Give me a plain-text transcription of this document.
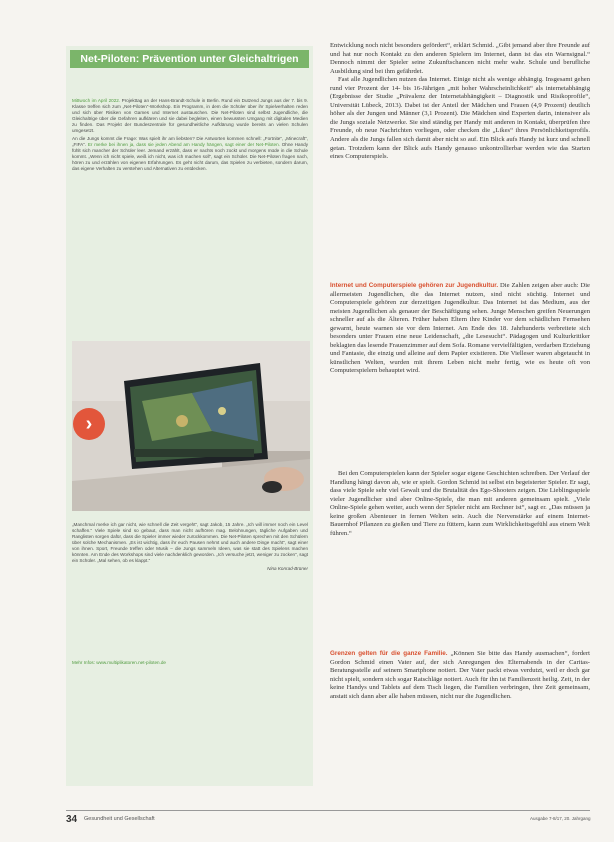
Net-Piloten: Prävention unter Gleichaltrigen

Mittwoch im April 2022. Projekttag an der Hans-Brandt-Schule in Berlin. Rund ein Dutzend Jungs aus der 7. bis 9. Klasse treffen sich zum „Net-Piloten“-Workshop. Ein Programm, in dem die Schüler über ihr Spielverhalten reden und sich über Risiken von Games und Internet austauschen. Die Net-Piloten sind selbst Jugendliche, die Gleichaltrige über die Gefahren aufklären und sie dabei begleiten, einen bewussten Umgang mit digitalen Medien zu finden. Das Projekt der Bundeszentrale für gesundheitliche Aufklärung wurde bereits an vielen Schulen umgesetzt.

An die Jungs kommt die Frage: Was spielt ihr am liebsten? Die Antworten kommen schnell: „Fortnite“, „Minecraft“, „FIFA“. Er merke bei ihnen ja, dass sie jeden Abend am Handy hängen, sagt einer der Net-Piloten. Ohne Handy fühlt sich mancher der Schüler leer. Jemand erzählt, dass er nachts noch zockt und morgens müde in die Schule kommt. „Wenn ich nicht spiele, weiß ich nicht, was ich machen soll“, sagt ein Schüler. Die Net-Piloten fragen nach, hören zu und erzählen von eigenen Erfahrungen. Es geht nicht darum, das Spielen zu verbieten, sondern darum, das eigene Verhalten zu verstehen und Alternativen zu entdecken.

›

„Manchmal merke ich gar nicht, wie schnell die Zeit vergeht“, sagt Jakob, 15 Jahre. „Ich will immer noch ein Level schaffen.“ Viele Spiele sind so gebaut, dass man nicht aufhören mag. Belohnungen, tägliche Aufgaben und Ranglisten sorgen dafür, dass die Spieler immer wieder zurückkommen. Die Net-Piloten sprechen mit den Schülern über solche Mechanismen. „Es ist wichtig, dass ihr euch Pausen nehmt und auch andere Dinge macht“, sagt einer von ihnen. Sport, Freunde treffen oder Musik – die Jungs sammeln Ideen, was sie statt des Spielens machen könnten. Am Ende des Workshops sind viele nachdenklich geworden. „Ich versuche jetzt, weniger zu zocken“, sagt ein Schüler. „Mal sehen, ob es klappt.“

Nina Konrad-Brüner

Mehr Infos: www.multiplikatoren.net-piloten.de

Entwicklung noch nicht besonders gefördert“, erklärt Schmid. „Gibt jemand aber ihre Freunde auf und hat nur noch Kontakt zu den anderen Spielern im Internet, dann ist das ein Warnsignal.“ Dennoch nimmt der Spieler seine Zukunftschancen nicht mehr wahr. Schule und berufliche Ausbildung sind bei ihm gefährdet.

Fast alle Jugendlichen nutzen das Internet. Einige nicht als wenige abhängig. Insgesamt gehen rund vier Prozent der 14- bis 16-Jährigen „mit hoher Wahrscheinlichkeit“ als internetabhängig (Ergebnisse der Studie „Prävalenz der Internetabhängigkeit – Diagnostik und Risikoprofile“, Universität Lübeck, 2013). Dabei ist der Anteil der Mädchen und Frauen (4,9 Prozent) deutlich höher als der Jungen und Männer (3,1 Prozent). Die Mädchen sind Experten darin, intensiver als die Jungs soziale Netzwerke. Sie sind ständig per Handy mit anderen in Kontakt, überprüfen ihre Freunde, ob neue Nachrichten vorliegen, oder checken die „Likes“ ihres Persönlichkeitsprofils. Andere als die Jungs fallen sich damit aber nicht so auf. Ein Blick aufs Handy ist kurz und schnell getan. Trotzdem kann der Blick aufs Handy genauso unkontrollierbar werden wie das Starten eines Computerspiels.

Internet und Computerspiele gehören zur Jugendkultur. Die Zahlen zeigen aber auch: Die allermeisten Jugendlichen, die das Internet nutzen, sind nicht süchtig. Internet und Computerspiele gehören zur derzeitigen Jugendkultur. Das Internet ist das Medium, aus der meisten Jugendlichen als genauer der Beschäftigung sehen. Junge Menschen greifen Neuerungen schneller auf als die Älteren. Früher haben Eltern ihre Kinder vor dem schädlichen Fernsehen gewarnt, heute warnen sie vor dem Internet. Am Ende des 18. Jahrhunderts verbreitete sich besonders unter Frauen eine neue Leidenschaft, „die Lesesucht“. Pädagogen und Kulturkritiker beklagten das lesende Frauenzimmer auf dem Sofa. Romane vervielfältigten, verdarben Erziehung und Fantasie, die einzig und alleine auf dem Papier existieren. Die Vielleser waren abgetaucht in künstlichen Welten, wurden mit ihrem Leben nicht mehr fertig, wie es heute oft von Computerspielern behauptet wird.

Bei den Computerspielen kann der Spieler sogar eigene Geschichten schreiben. Der Verlauf der Handlung hängt davon ab, wie er spielt. Gordon Schmid ist selbst ein begeisterter Spieler. Er sagt, dass viele Spiele sehr viel Gewalt und die Brutalität des Ego-Shooters zeigen. Die Lieblingsspiele vieler Jugendlicher sind aber Online-Spiele, die man mit anderen gemeinsam spielt. „Viele Online-Spiele gehen weiter, auch wenn der Spieler nicht am Rechner ist“, sagt er. „Das müssen ja keine großen Abenteuer in fernen Welten sein. Auch die Nervenstärke auf einem Internet-Bauernhof Pflanzen zu gießen und Tiere zu füttern, kann zum Wirklichkeitsgefühl aus einem Welt führen.“

Grenzen gelten für die ganze Familie. „Können Sie bitte das Handy ausmachen“, fordert Gordon Schmid einen Vater auf, der sich Anregungen des Elternabends in der Caritas-Beratungsstelle auf seinem Smartphone notiert. Der Vater packt etwas verdutzt, weil er doch gar nicht spielt, sondern sich sogar Ratschläge notiert. Auch für ihn ist Familienzeit heilig. Zeit, in der keine Handys und Tablets auf dem Tisch liegen, die Familien verbringen, ihre Zeit gemeinsam, anstatt sich dann aber alle haben müssen, nicht nur die Jugendlichen.

34 Gesundheit und Gesellschaft	Ausgabe 7-8/17, 20. Jahrgang
